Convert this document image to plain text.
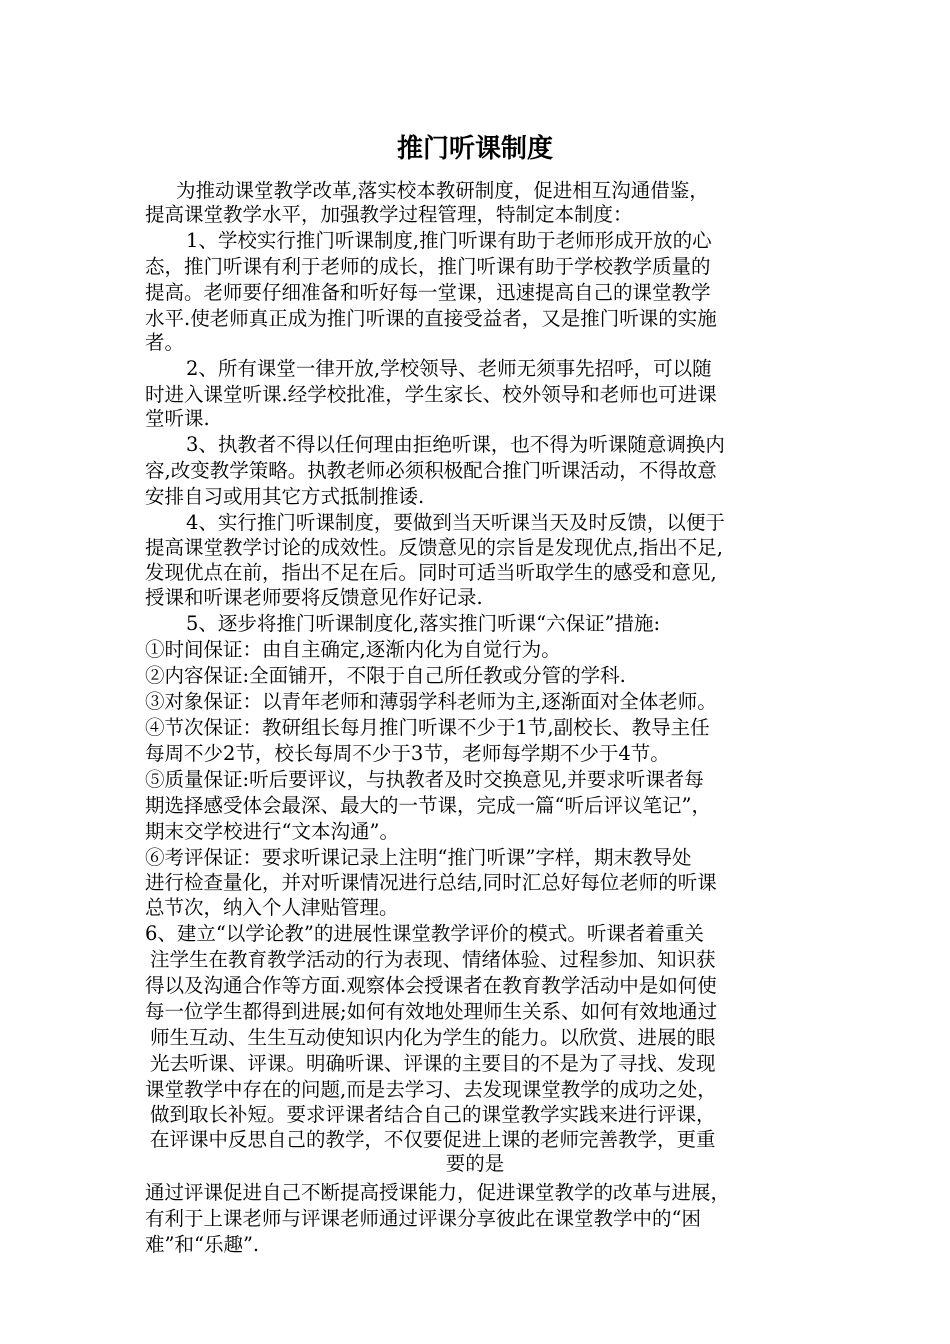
推门听课制度
为推动课堂教学改革,落实校本教研制度，促进相互沟通借鉴，
提高课堂教学水平，加强教学过程管理，特制定本制度：
1、学校实行推门听课制度,推门听课有助于老师形成开放的心
态，推门听课有利于老师的成长，推门听课有助于学校教学质量的
提高。老师要仔细准备和听好每一堂课，迅速提高自己的课堂教学
水平.使老师真正成为推门听课的直接受益者，又是推门听课的实施
者。
2、所有课堂一律开放,学校领导、老师无须事先招呼，可以随
时进入课堂听课.经学校批准，学生家长、校外领导和老师也可进课
堂听课.
3、执教者不得以任何理由拒绝听课，也不得为听课随意调换内
容,改变教学策略。执教老师必须积极配合推门听课活动，不得故意
安排自习或用其它方式抵制推诿.
4、实行推门听课制度，要做到当天听课当天及时反馈，以便于
提高课堂教学讨论的成效性。反馈意见的宗旨是发现优点,指出不足,
发现优点在前，指出不足在后。同时可适当听取学生的感受和意见,
授课和听课老师要将反馈意见作好记录.
5、逐步将推门听课制度化,落实推门听课“六保证”措施:
①时间保证：由自主确定,逐渐内化为自觉行为。
②内容保证:全面铺开，不限于自己所任教或分管的学科.
③对象保证：以青年老师和薄弱学科老师为主,逐渐面对全体老师。
④节次保证：教研组长每月推门听课不少于1节,副校长、教导主任
每周不少2节，校长每周不少于3节，老师每学期不少于4节。
⑤质量保证:听后要评议，与执教者及时交换意见,并要求听课者每
期选择感受体会最深、最大的一节课，完成一篇“听后评议笔记”，
期末交学校进行“文本沟通”。
⑥考评保证：要求听课记录上注明“推门听课”字样，期末教导处
进行检查量化，并对听课情况进行总结,同时汇总好每位老师的听课
总节次，纳入个人津贴管理。
6、建立“以学论教”的进展性课堂教学评价的模式。听课者着重关
注学生在教育教学活动的行为表现、情绪体验、过程参加、知识获
得以及沟通合作等方面.观察体会授课者在教育教学活动中是如何使
每一位学生都得到进展;如何有效地处理师生关系、如何有效地通过
师生互动、生生互动使知识内化为学生的能力。以欣赏、进展的眼
光去听课、评课。明确听课、评课的主要目的不是为了寻找、发现
课堂教学中存在的问题,而是去学习、去发现课堂教学的成功之处，
做到取长补短。要求评课者结合自己的课堂教学实践来进行评课，
在评课中反思自己的教学，不仅要促进上课的老师完善教学，更重
要的是
通过评课促进自己不断提高授课能力，促进课堂教学的改革与进展，
有利于上课老师与评课老师通过评课分享彼此在课堂教学中的“困
难”和“乐趣”.
